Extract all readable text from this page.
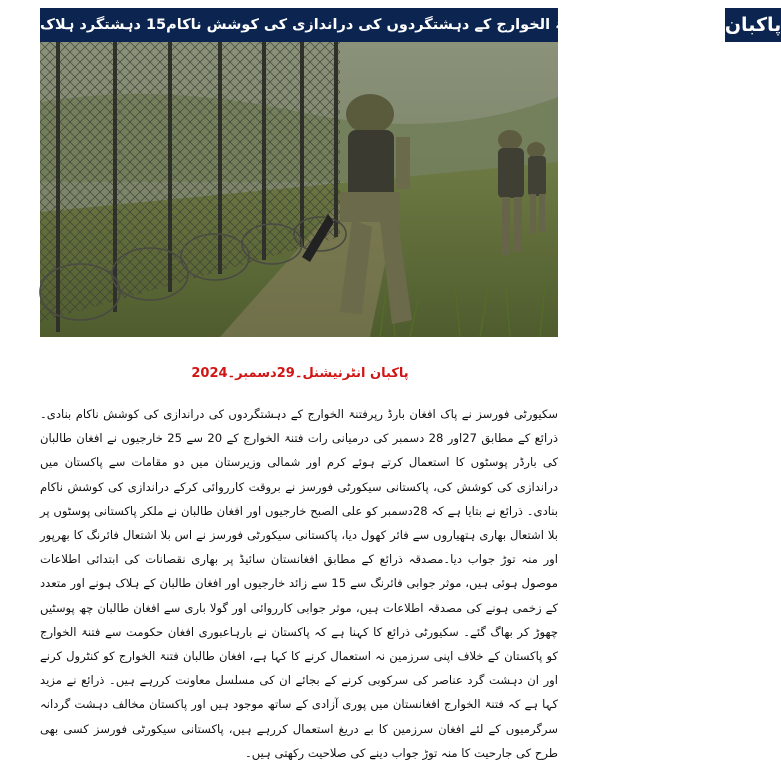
پاکبان
پاک افغان بارڈ رپرفتنۃ الخوارج کے دہشتگردوں کی دراندازی کی کوشش ناکام15 دہشتگرد ہلاک
پاکبان انٹرنیشنل۔29دسمبر۔2024
سکیورٹی فورسز نے پاک افغان بارڈ رپرفتنۃ الخوارج کے دہشتگردوں کی دراندازی کی کوشش ناکام بنادی۔ ذرائع کے مطابق 27اور 28 دسمبر کی درمیانی رات فتنۃ الخوارج کے 20 سے 25 خارجیوں نے افغان طالبان کی بارڈر پوسٹوں کا استعمال کرتے ہوئے کرم اور شمالی وزیرستان میں دو مقامات سے پاکستان میں دراندازی کی کوشش کی، پاکستانی سیکورٹی فورسز نے بروقت کارروائی کرکے دراندازی کی کوشش ناکام بنادی۔ ذرائع نے بتایا ہے کہ 28دسمبر کو علی الصبح خارجیوں اور افغان طالبان نے ملکر پاکستانی پوسٹوں پر بلا اشتعال بھاری ہتھیاروں سے فائر کھول دیا، پاکستانی سیکورٹی فورسز نے اس بلا اشتعال فائرنگ کا بھرپور اور منہ توڑ جواب دیا۔مصدقہ ذرائع کے مطابق افغانستان سائیڈ پر بھاری نقصانات کی ابتدائی اطلاعات موصول ہوئی ہیں، موثر جوابی فائرنگ سے 15 سے زائد خارجیوں اور افغان طالبان کے ہلاک ہونے اور متعدد کے زخمی ہونے کی مصدقہ اطلاعات ہیں، موثر جوابی کارروائی اور گولا باری سے افغان طالبان چھ پوسٹیں چھوڑ کر بھاگ گئے۔ سکیورٹی ذرائع کا کہنا ہے کہ پاکستان نے بارہاعبوری افغان حکومت سے فتنۃ الخوارج کو پاکستان کے خلاف اپنی سرزمین نہ استعمال کرنے کا کہا ہے، افغان طالبان فتنۃ الخوارج کو کنٹرول کرنے اور ان دہشت گرد عناصر کی سرکوبی کرنے کے بجائے ان کی مسلسل معاونت کررہے ہیں۔ ذرائع نے مزید کہا ہے کہ فتنۃ الخوارج افغانستان میں پوری آزادی کے ساتھ موجود ہیں اور پاکستان مخالف دہشت گردانہ سرگرمیوں کے لئے افغان سرزمین کا بے دریغ استعمال کررہے ہیں، پاکستانی سیکورٹی فورسز کسی بھی طرح کی جارحیت کا منہ توڑ جواب دینے کی صلاحیت رکھتی ہیں۔
